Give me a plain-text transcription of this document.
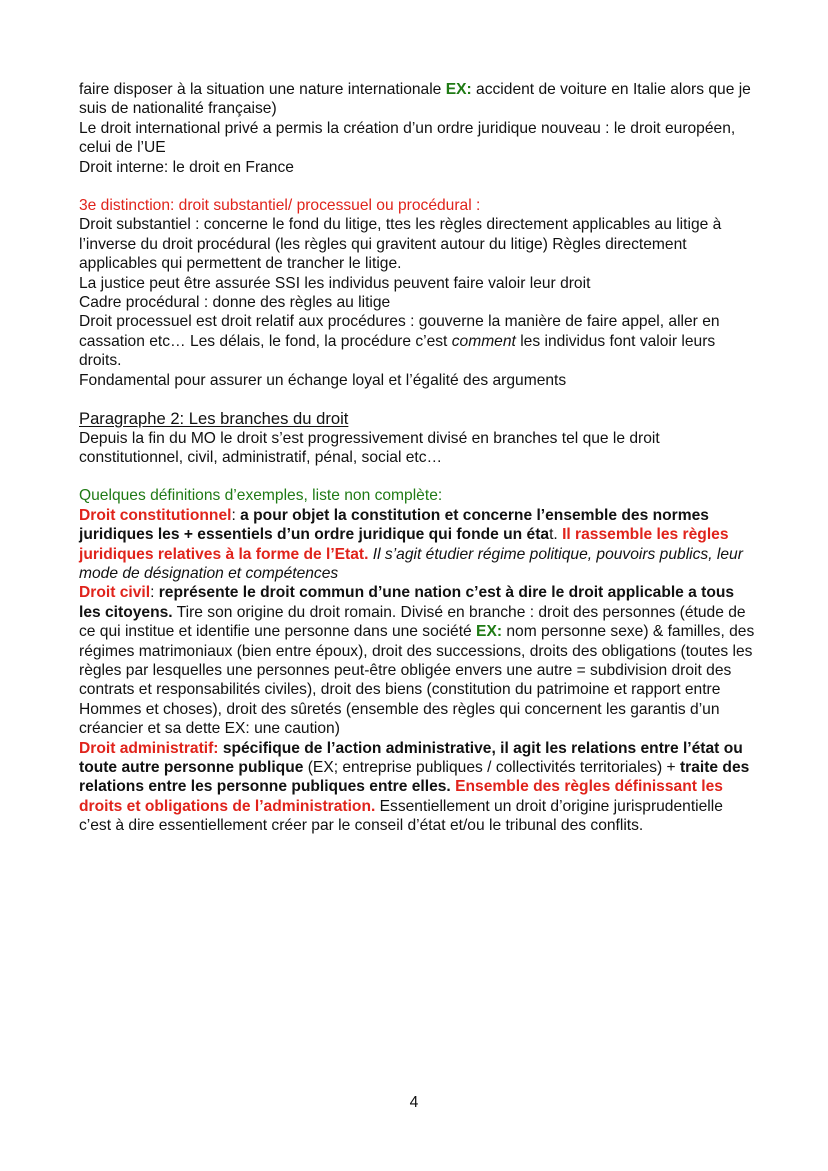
faire disposer à la situation une nature internationale EX: accident de voiture en Italie alors que je suis de nationalité française)

Le droit international privé a permis la création d’un ordre juridique nouveau : le droit européen, celui de l’UE

Droit interne: le droit en France

3e distinction: droit substantiel/ processuel ou procédural :

Droit substantiel : concerne le fond du litige, ttes les règles directement applicables au litige à l’inverse du droit procédural (les règles qui gravitent autour du litige) Règles directement applicables qui permettent de trancher le litige.

La justice peut être assurée SSI les individus peuvent faire valoir leur droit

Cadre procédural : donne des règles au litige

Droit processuel est droit relatif aux procédures : gouverne la manière de faire appel, aller en cassation etc… Les délais, le fond, la procédure c’est comment les individus font valoir leurs droits.

Fondamental pour assurer un échange loyal et l’égalité des arguments

Paragraphe 2: Les branches du droit

Depuis la fin du MO le droit s’est progressivement divisé en branches tel que le droit constitutionnel, civil, administratif, pénal, social etc…

Quelques définitions d’exemples, liste non complète:

Droit constitutionnel: a pour objet la constitution et concerne l’ensemble des normes juridiques les + essentiels d’un ordre juridique qui fonde un état. Il rassemble les règles juridiques relatives à la forme de l’Etat. Il s’agit étudier régime politique, pouvoirs publics, leur mode de désignation et compétences

Droit civil: représente le droit commun d’une nation c’est à dire le droit applicable a tous les citoyens. Tire son origine du droit romain. Divisé en branche : droit des personnes (étude de ce qui institue et identifie une personne dans une société EX: nom personne sexe) & familles, des régimes matrimoniaux (bien entre époux), droit des successions, droits des obligations (toutes les règles par lesquelles une personnes peut-être obligée envers une autre = subdivision droit des contrats et responsabilités civiles), droit des biens (constitution du patrimoine et rapport entre Hommes et choses), droit des sûretés (ensemble des règles qui concernent les garantis d’un créancier et sa dette EX: une caution)

Droit administratif: spécifique de l’action administrative, il agit les relations entre l’état ou toute autre personne publique (EX; entreprise publiques / collectivités territoriales) + traite des relations entre les personne publiques entre elles. Ensemble des règles définissant les droits et obligations de l’administration. Essentiellement un droit d’origine jurisprudentielle c’est à dire essentiellement créer par le conseil d’état et/ou le tribunal des conflits.

4
